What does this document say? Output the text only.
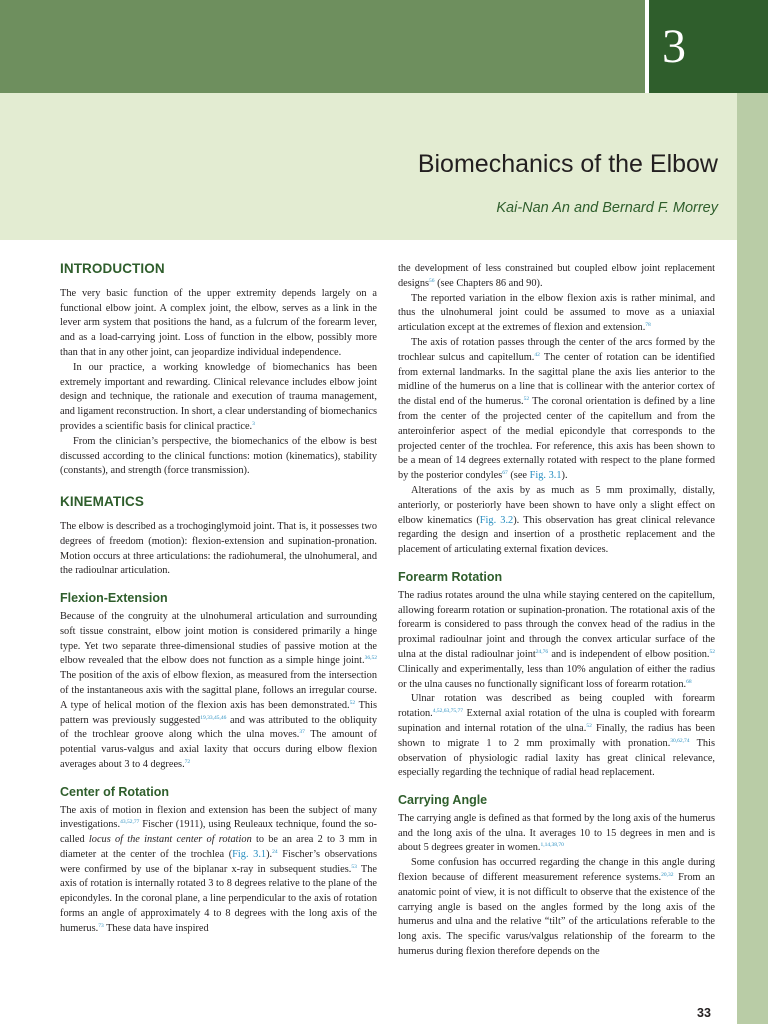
3
Biomechanics of the Elbow

Kai-Nan An and Bernard F. Morrey

INTRODUCTION

The very basic function of the upper extremity depends largely on a functional elbow joint. A complex joint, the elbow, serves as a link in the lever arm system that positions the hand, as a fulcrum of the forearm lever, and as a load-carrying joint. Loss of function in the elbow, possibly more than that in any other joint, can jeopardize individual independence.

In our practice, a working knowledge of biomechanics has been extremely important and rewarding. Clinical relevance includes elbow joint design and technique, the rationale and execution of trauma management, and ligament reconstruction. In short, a clear understanding of biomechanics provides a scientific basis for clinical practice.$^3$

From the clinician’s perspective, the biomechanics of the elbow is best discussed according to the clinical functions: motion (kinematics), stability (constants), and strength (force transmission).

KINEMATICS

The elbow is described as a trochoginglymoid joint. That is, it possesses two degrees of freedom (motion): flexion-extension and supination-pronation. Motion occurs at three articulations: the radiohumeral, the ulnohumeral, and the radioulnar articulation.

Flexion-Extension

Because of the congruity at the ulnohumeral articulation and surrounding soft tissue constraint, elbow joint motion is considered primarily a hinge type. Yet two separate three-dimensional studies of passive motion at the elbow revealed that the elbow does not function as a simple hinge joint.$^{36,52}$ The position of the axis of elbow flexion, as measured from the intersection of the instantaneous axis with the sagittal plane, follows an irregular course. A type of helical motion of the flexion axis has been demonstrated.$^{52}$ This pattern was previously suggested$^{19,33,45,46}$ and was attributed to the obliquity of the trochlear groove along which the ulna moves.$^{37}$ The amount of potential varus-valgus and axial laxity that occurs during elbow flexion averages about 3 to 4 degrees.$^{72}$

Center of Rotation

The axis of motion in flexion and extension has been the subject of many investigations.$^{43,52,77}$ Fischer (1911), using Reuleaux technique, found the so-called locus of the instant center of rotation to be an area 2 to 3 mm in diameter at the center of the trochlea (Fig. 3.1).$^{24}$ Fischer’s observations were confirmed by use of the biplanar x-ray in subsequent studies.$^{53}$ The axis of rotation is internally rotated 3 to 8 degrees relative to the plane of the epicondyles. In the coronal plane, a line perpendicular to the axis of rotation forms an angle of approximately 4 to 8 degrees with the long axis of the humerus.$^{73}$ These data have inspired

the development of less constrained but coupled elbow joint replacement designs$^{56}$ (see Chapters 86 and 90).

The reported variation in the elbow flexion axis is rather minimal, and thus the ulnohumeral joint could be assumed to move as a uniaxial articulation except at the extremes of flexion and extension.$^{78}$

The axis of rotation passes through the center of the arcs formed by the trochlear sulcus and capitellum.$^{42}$ The center of rotation can be identified from external landmarks. In the sagittal plane the axis lies anterior to the midline of the humerus on a line that is collinear with the anterior cortex of the distal end of the humerus.$^{52}$ The coronal orientation is defined by a line from the center of the projected center of the capitellum and from the anteroinferior aspect of the medial epicondyle that corresponds to the projected center of the trochlea. For reference, this axis has been shown to be a mean of 14 degrees externally rotated with respect to the plane formed by the posterior condyles$^{67}$ (see Fig. 3.1).

Alterations of the axis by as much as 5 mm proximally, distally, anteriorly, or posteriorly have been shown to have only a slight effect on elbow kinematics (Fig. 3.2). This observation has great clinical relevance regarding the design and insertion of a prosthetic replacement and the placement of articulating external fixation devices.

Forearm Rotation

The radius rotates around the ulna while staying centered on the capitellum, allowing forearm rotation or supination-pronation. The rotational axis of the forearm is considered to pass through the convex head of the radius in the proximal radioulnar joint and through the convex articular surface of the ulna at the distal radioulnar joint$^{24,76}$ and is independent of elbow position.$^{52}$ Clinically and experimentally, less than 10% angulation of either the radius or the ulna causes no functionally significant loss of forearm rotation.$^{68}$

Ulnar rotation was described as being coupled with forearm rotation.$^{4,52,63,75,77}$ External axial rotation of the ulna is coupled with forearm supination and internal rotation of the ulna.$^{52}$ Finally, the radius has been shown to migrate 1 to 2 mm proximally with pronation.$^{30,62,74}$ This observation of physiologic radial laxity has great clinical relevance, especially regarding the technique of radial head replacement.

Carrying Angle

The carrying angle is defined as that formed by the long axis of the humerus and the long axis of the ulna. It averages 10 to 15 degrees in men and is about 5 degrees greater in women.$^{1,14,38,70}$

Some confusion has occurred regarding the change in this angle during flexion because of different measurement reference systems.$^{20,32}$ From an anatomic point of view, it is not difficult to observe that the existence of the carrying angle is based on the angles formed by the long axis of the humerus and ulna and the relative “tilt” of the articulations referable to the long axis. The specific varus/valgus relationship of the forearm to the humerus during flexion therefore depends on the

33
